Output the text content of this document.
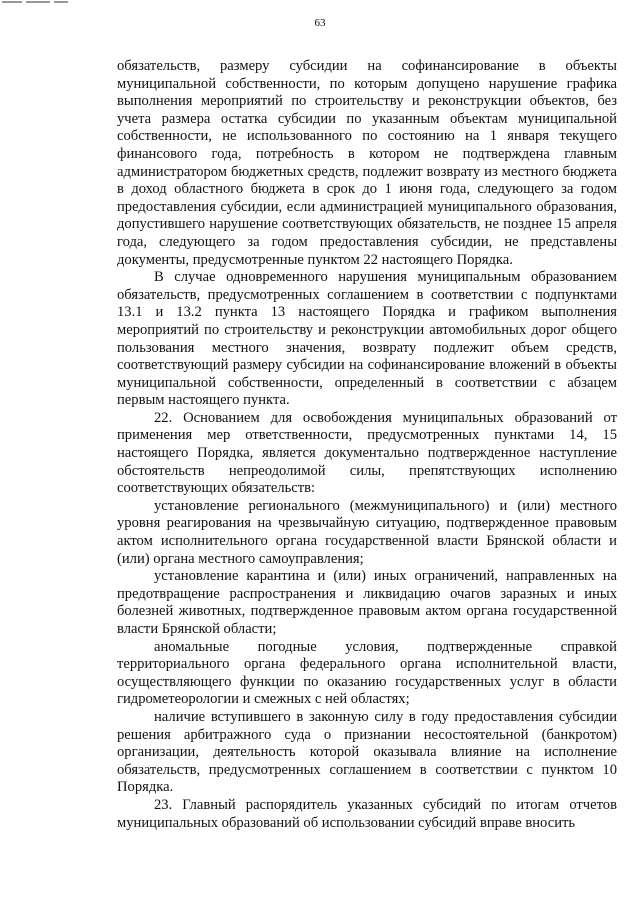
63

обязательств, размеру субсидии на софинансирование в объекты муниципальной собственности, по которым допущено нарушение графика выполнения мероприятий по строительству и реконструкции объектов, без учета размера остатка субсидии по указанным объектам муниципальной собственности, не использованного по состоянию на 1 января текущего финансового года, потребность в котором не подтверждена главным администратором бюджетных средств, подлежит возврату из местного бюджета в доход областного бюджета в срок до 1 июня года, следующего за годом предоставления субсидии, если администрацией муниципального образования, допустившего нарушение соответствующих обязательств, не позднее 15 апреля года, следующего за годом предоставления субсидии, не представлены документы, предусмотренные пунктом 22 настоящего Порядка.

В случае одновременного нарушения муниципальным образованием обязательств, предусмотренных соглашением в соответствии с подпунктами 13.1 и 13.2 пункта 13 настоящего Порядка и графиком выполнения мероприятий по строительству и реконструкции автомобильных дорог общего пользования местного значения, возврату подлежит объем средств, соответствующий размеру субсидии на софинансирование вложений в объекты муниципальной собственности, определенный в соответствии с абзацем первым настоящего пункта.

22. Основанием для освобождения муниципальных образований от применения мер ответственности, предусмотренных пунктами 14, 15 настоящего Порядка, является документально подтвержденное наступление обстоятельств непреодолимой силы, препятствующих исполнению соответствующих обязательств:

установление регионального (межмуниципального) и (или) местного уровня реагирования на чрезвычайную ситуацию, подтвержденное правовым актом исполнительного органа государственной власти Брянской области и (или) органа местного самоуправления;

установление карантина и (или) иных ограничений, направленных на предотвращение распространения и ликвидацию очагов заразных и иных болезней животных, подтвержденное правовым актом органа государственной власти Брянской области;

аномальные погодные условия, подтвержденные справкой территориального органа федерального органа исполнительной власти, осуществляющего функции по оказанию государственных услуг в области гидрометеорологии и смежных с ней областях;

наличие вступившего в законную силу в году предоставления субсидии решения арбитражного суда о признании несостоятельной (банкротом) организации, деятельность которой оказывала влияние на исполнение обязательств, предусмотренных соглашением в соответствии с пунктом 10 Порядка.

23. Главный распорядитель указанных субсидий по итогам отчетов муниципальных образований об использовании субсидий вправе вносить
